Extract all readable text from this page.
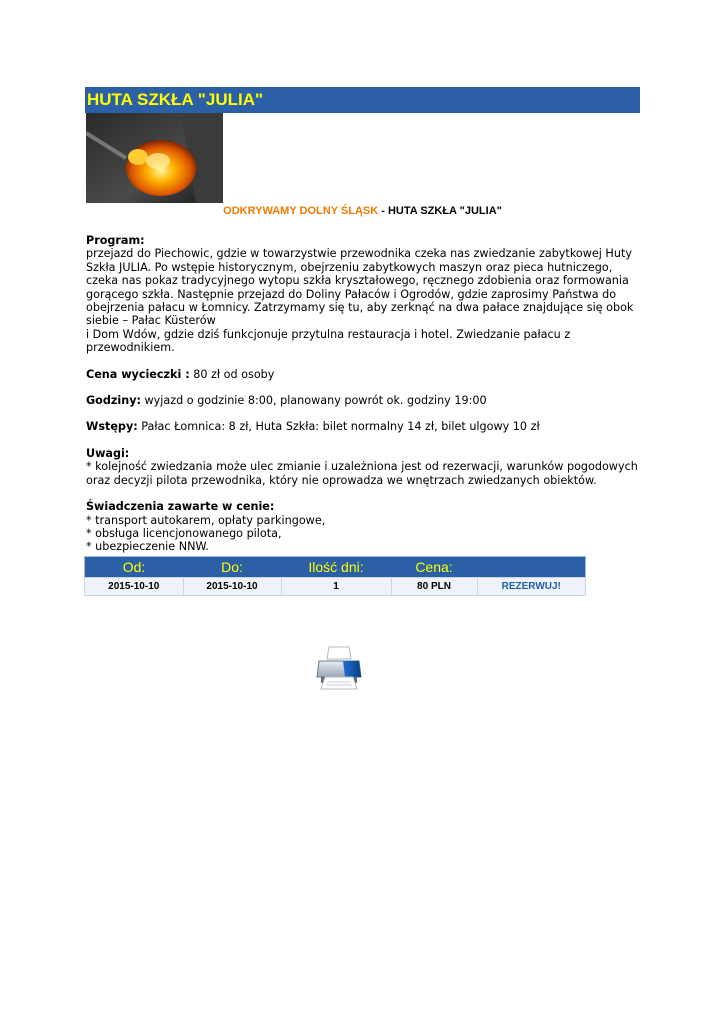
HUTA SZKŁA "JULIA"
ODKRYWAMY DOLNY ŚLĄSK - HUTA SZKŁA "JULIA"

Program:

przejazd do Piechowic, gdzie w towarzystwie przewodnika czeka nas zwiedzanie zabytkowej Huty

Szkła JULIA. Po wstępie historycznym, obejrzeniu zabytkowych maszyn oraz pieca hutniczego,

czeka nas pokaz tradycyjnego wytopu szkła kryształowego, ręcznego zdobienia oraz formowania

gorącego szkła. Następnie przejazd do Doliny Pałaców i Ogrodów, gdzie zaprosimy Państwa do

obejrzenia pałacu w Łomnicy. Zatrzymamy się tu, aby zerknąć na dwa pałace znajdujące się obok

siebie – Pałac Küsterów

i Dom Wdów, gdzie dziś funkcjonuje przytulna restauracja i hotel. Zwiedzanie pałacu z

przewodnikiem.

Cena wycieczki : 80 zł od osoby

Godziny: wyjazd o godzinie 8:00, planowany powrót ok. godziny 19:00

Wstępy: Pałac Łomnica: 8 zł, Huta Szkła: bilet normalny 14 zł, bilet ulgowy 10 zł

Uwagi:

* kolejność zwiedzania może ulec zmianie i uzależniona jest od rezerwacji, warunków pogodowych

oraz decyzji pilota przewodnika, który nie oprowadza we wnętrzach zwiedzanych obiektów.

Świadczenia zawarte w cenie:

* transport autokarem, opłaty parkingowe,

* obsługa licencjonowanego pilota,

* ubezpieczenie NNW.

Od:	Do:	Ilość dni:	Cena:	
2015-10-10	2015-10-10	1	80 PLN	REZERWUJ!
